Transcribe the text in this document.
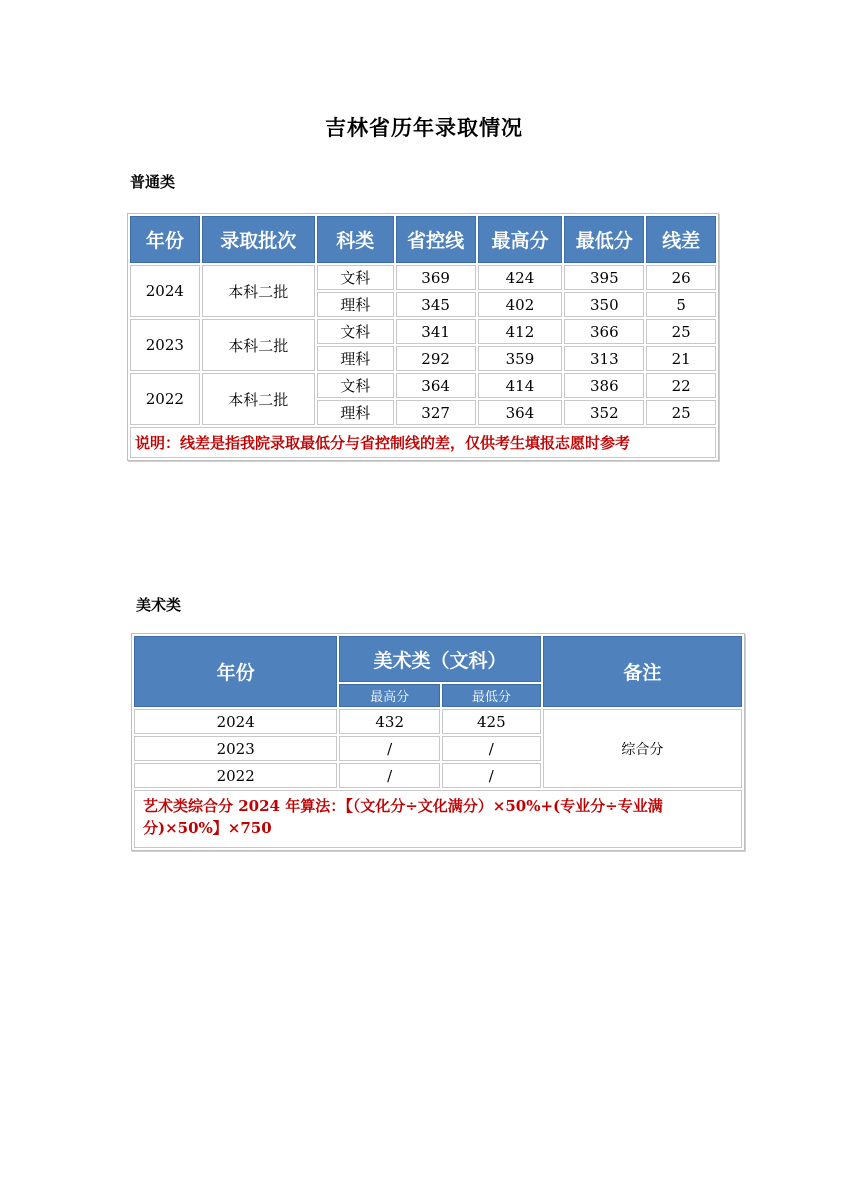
吉林省历年录取情况
普通类
年份	录取批次	科类	省控线	最高分	最低分	线差
2024	本科二批	文科	369	424	395	26
		理科	345	402	350	5
2023	本科二批	文科	341	412	366	25
		理科	292	359	313	21
2022	本科二批	文科	364	414	386	22
		理科	327	364	352	25
说明：线差是指我院录取最低分与省控制线的差，仅供考生填报志愿时参考						
美术类
年份	美术类（文科）		备注
	最高分	最低分	
2024	432	425	综合分
2023	/	/	
2022	/	/	
艺术类综合分 2024 年算法：【（文化分÷文化满分）×50%+(专业分÷专业满分)×50%】×750			
